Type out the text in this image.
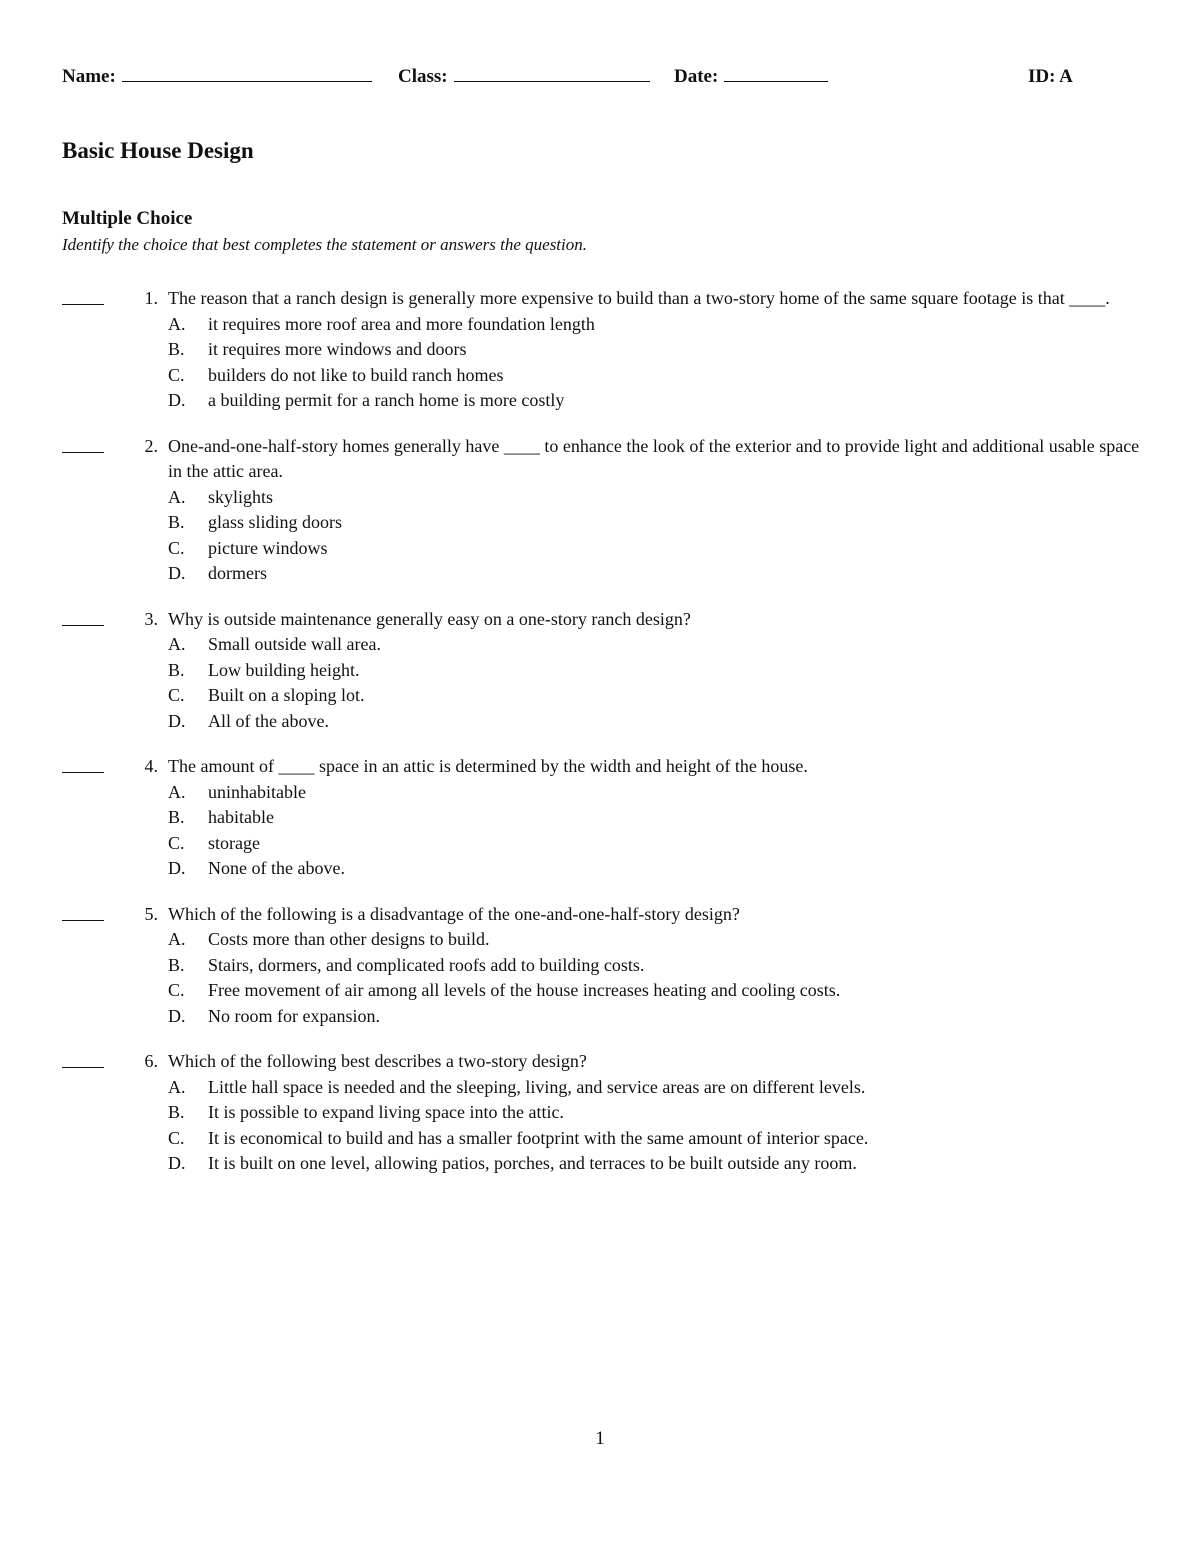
Name:	Class:	Date:	ID: A
Basic House Design
Multiple Choice

Identify the choice that best completes the statement or answers the question.

1. The reason that a ranch design is generally more expensive to build than a two-story home of the same square footage is that ____.
A. it requires more roof area and more foundation length
B. it requires more windows and doors
C. builders do not like to build ranch homes
D. a building permit for a ranch home is more costly
2. One-and-one-half-story homes generally have ____ to enhance the look of the exterior and to provide light and additional usable space in the attic area.
A. skylights
B. glass sliding doors
C. picture windows
D. dormers
3. Why is outside maintenance generally easy on a one-story ranch design?
A. Small outside wall area.
B. Low building height.
C. Built on a sloping lot.
D. All of the above.
4. The amount of ____ space in an attic is determined by the width and height of the house.
A. uninhabitable
B. habitable
C. storage
D. None of the above.
5. Which of the following is a disadvantage of the one-and-one-half-story design?
A. Costs more than other designs to build.
B. Stairs, dormers, and complicated roofs add to building costs.
C. Free movement of air among all levels of the house increases heating and cooling costs.
D. No room for expansion.
6. Which of the following best describes a two-story design?
A. Little hall space is needed and the sleeping, living, and service areas are on different levels.
B. It is possible to expand living space into the attic.
C. It is economical to build and has a smaller footprint with the same amount of interior space.
D. It is built on one level, allowing patios, porches, and terraces to be built outside any room.
1
